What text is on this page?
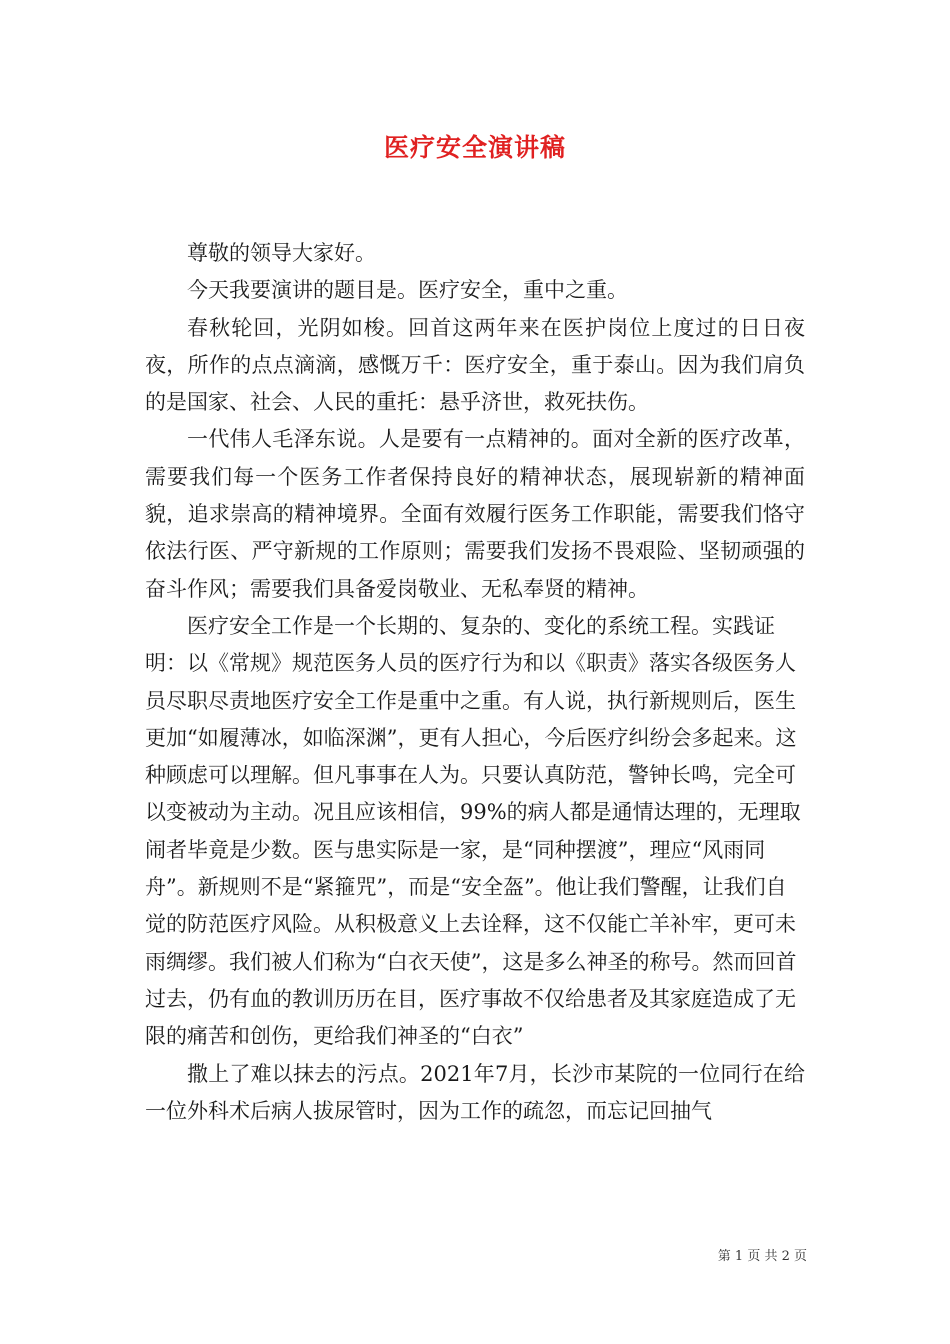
医疗安全演讲稿

尊敬的领导大家好。

今天我要演讲的题目是。医疗安全，重中之重。

春秋轮回，光阴如梭。回首这两年来在医护岗位上度过的日日夜夜，所作的点点滴滴，感慨万千：医疗安全，重于泰山。因为我们肩负的是国家、社会、人民的重托：悬乎济世，救死扶伤。

一代伟人毛泽东说。人是要有一点精神的。面对全新的医疗改革，需要我们每一个医务工作者保持良好的精神状态，展现崭新的精神面貌，追求崇高的精神境界。全面有效履行医务工作职能，需要我们恪守依法行医、严守新规的工作原则；需要我们发扬不畏艰险、坚韧顽强的奋斗作风；需要我们具备爱岗敬业、无私奉贤的精神。

医疗安全工作是一个长期的、复杂的、变化的系统工程。实践证明：以《常规》规范医务人员的医疗行为和以《职责》落实各级医务人员尽职尽责地医疗安全工作是重中之重。有人说，执行新规则后，医生更加“如履薄冰，如临深渊”，更有人担心，今后医疗纠纷会多起来。这种顾虑可以理解。但凡事事在人为。只要认真防范，警钟长鸣，完全可以变被动为主动。况且应该相信，99%的病人都是通情达理的，无理取闹者毕竟是少数。医与患实际是一家，是“同种摆渡”，理应“风雨同舟”。新规则不是“紧箍咒”，而是“安全盔”。他让我们警醒，让我们自觉的防范医疗风险。从积极意义上去诠释，这不仅能亡羊补牢，更可未雨绸缪。我们被人们称为“白衣天使”，这是多么神圣的称号。然而回首过去，仍有血的教训历历在目，医疗事故不仅给患者及其家庭造成了无限的痛苦和创伤，更给我们神圣的“白衣”

撒上了难以抹去的污点。2021年7月，长沙市某院的一位同行在给一位外科术后病人拔尿管时，因为工作的疏忽，而忘记回抽气

第 1 页 共 2 页
